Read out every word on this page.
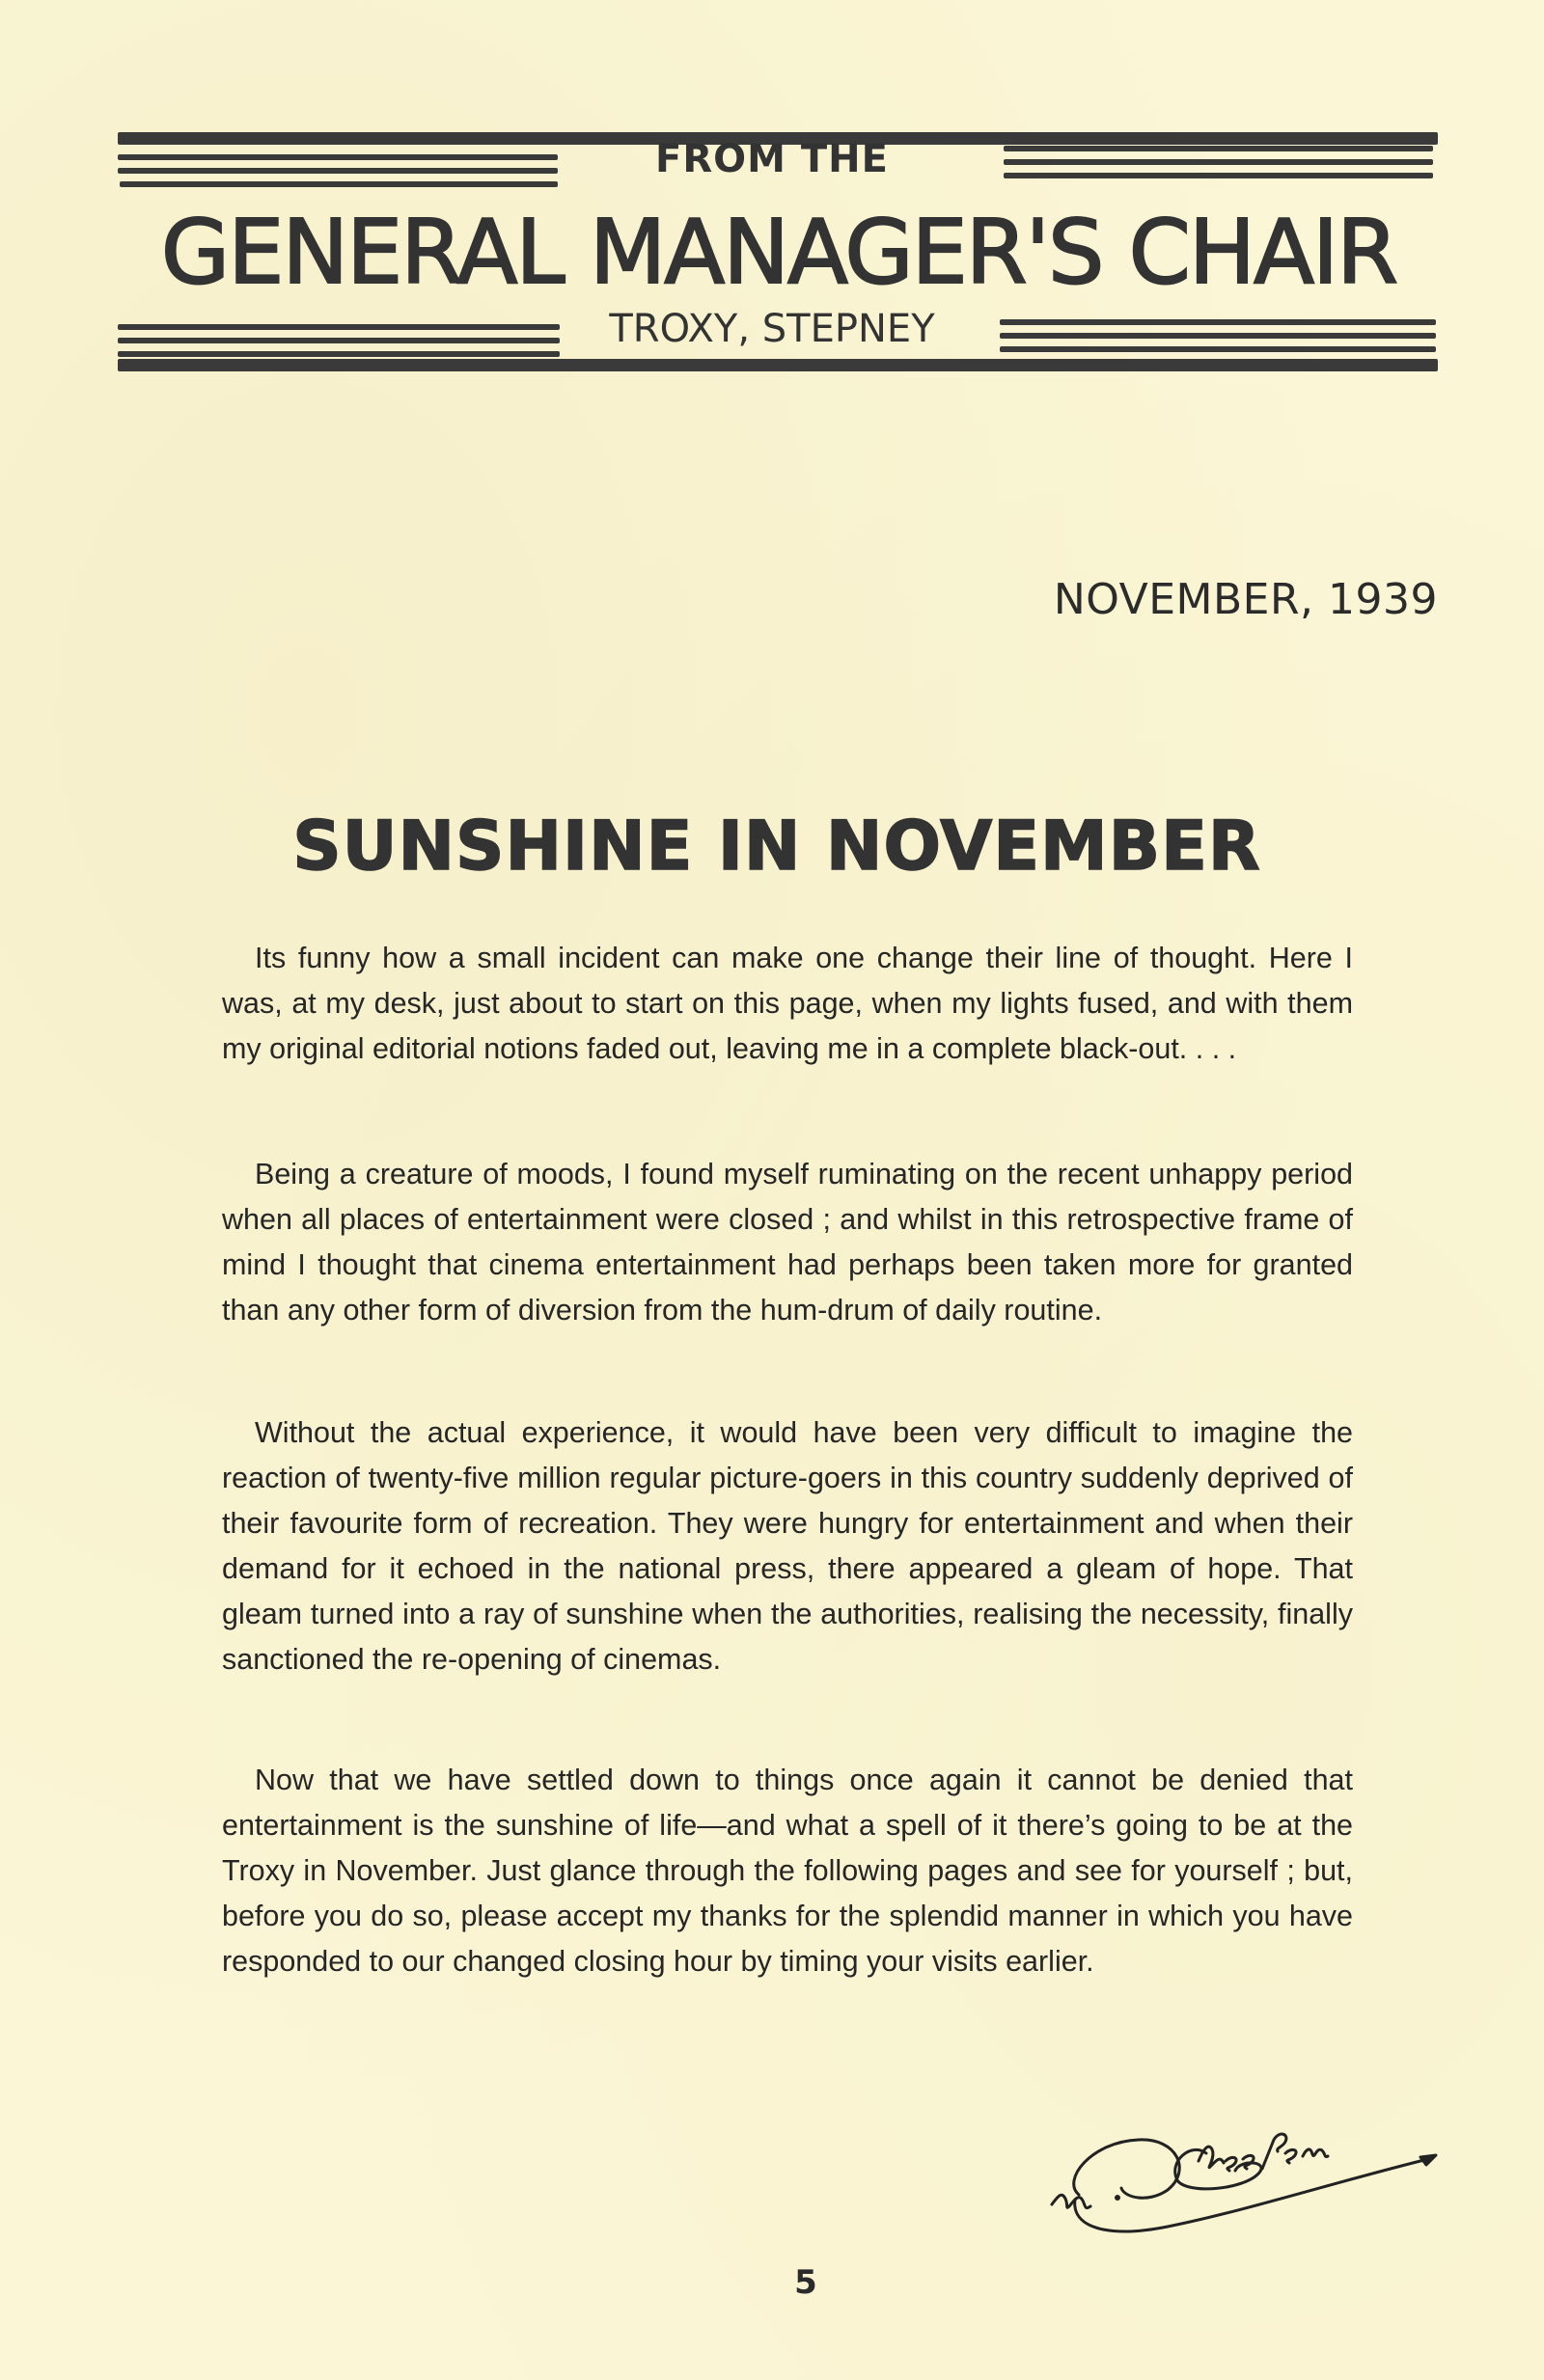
FROM THE
GENERAL MANAGER'S CHAIR
TROXY, STEPNEY
NOVEMBER, 1939
SUNSHINE IN NOVEMBER

Its funny how a small incident can make one change their line of thought. Here I was, at my desk, just about to start on this page, when my lights fused, and with them my original editorial notions faded out, leaving me in a complete black-out. . . .

Being a creature of moods, I found myself ruminating on the recent unhappy period when all places of entertainment were closed ; and whilst in this retrospective frame of mind I thought that cinema entertainment had perhaps been taken more for granted than any other form of diversion from the hum-drum of daily routine.

Without the actual experience, it would have been very difficult to imagine the reaction of twenty-five million regular picture-goers in this country suddenly deprived of their favourite form of recreation. They were hungry for entertainment and when their demand for it echoed in the national press, there appeared a gleam of hope. That gleam turned into a ray of sunshine when the authorities, realising the necessity, finally sanctioned the re-opening of cinemas.

Now that we have settled down to things once again it cannot be denied that entertainment is the sunshine of life—and what a spell of it there’s going to be at the Troxy in November. Just glance through the following pages and see for yourself ; but, before you do so, please accept my thanks for the splendid manner in which you have responded to our changed closing hour by timing your visits earlier.

5
